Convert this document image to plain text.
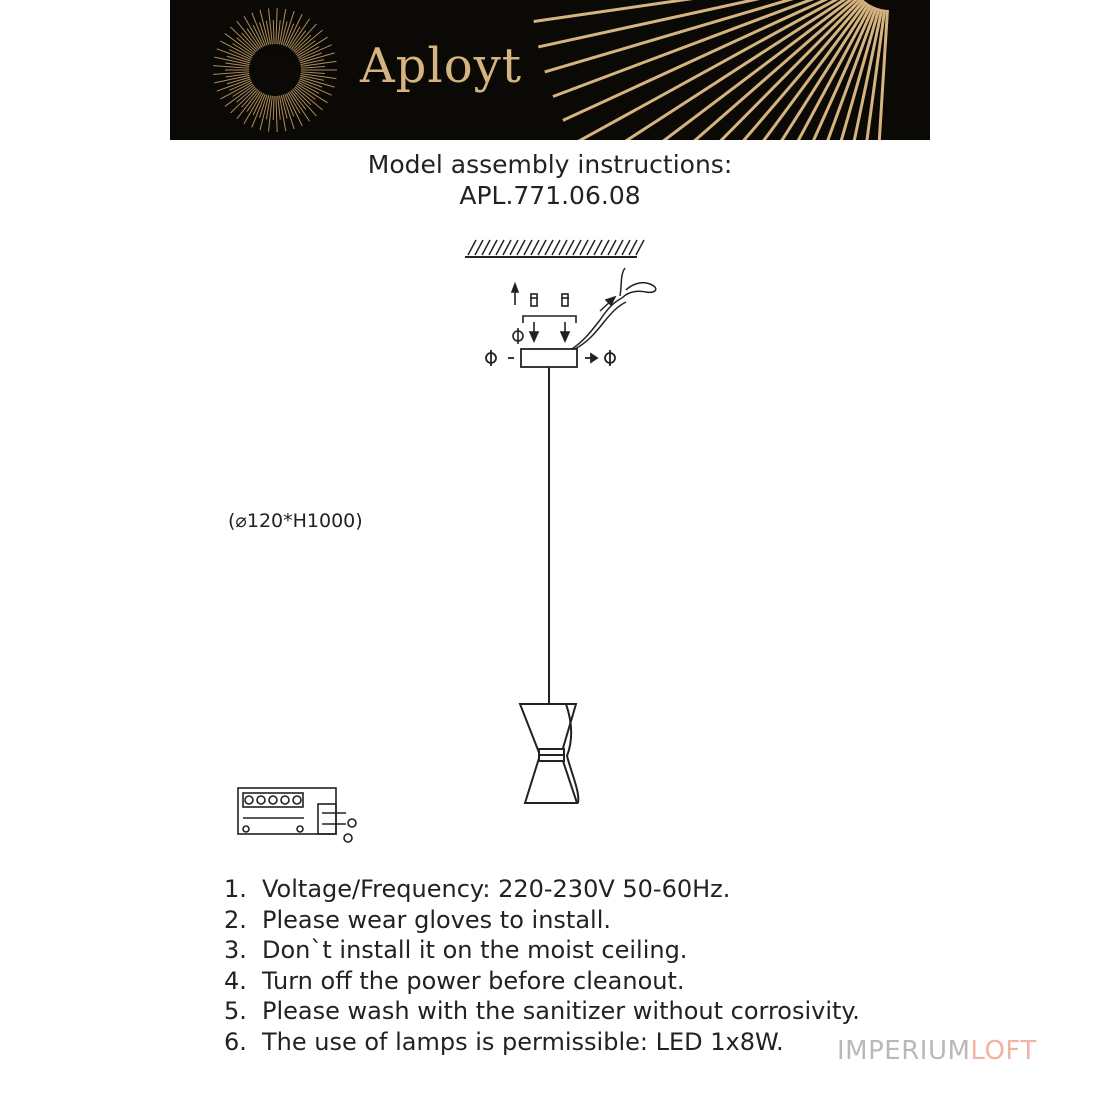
Aployt
Model assembly instructions:
APL.771.06.08
(⌀120*H1000)
1. Voltage/Frequency: 220-230V 50-60Hz.
2. Please wear gloves to install.
3. Don`t install it on the moist ceiling.
4. Turn off the power before cleanout.
5. Please wash with the sanitizer without corrosivity.
6. The use of lamps is permissible: LED 1x8W. IMPERIUMLOFT
